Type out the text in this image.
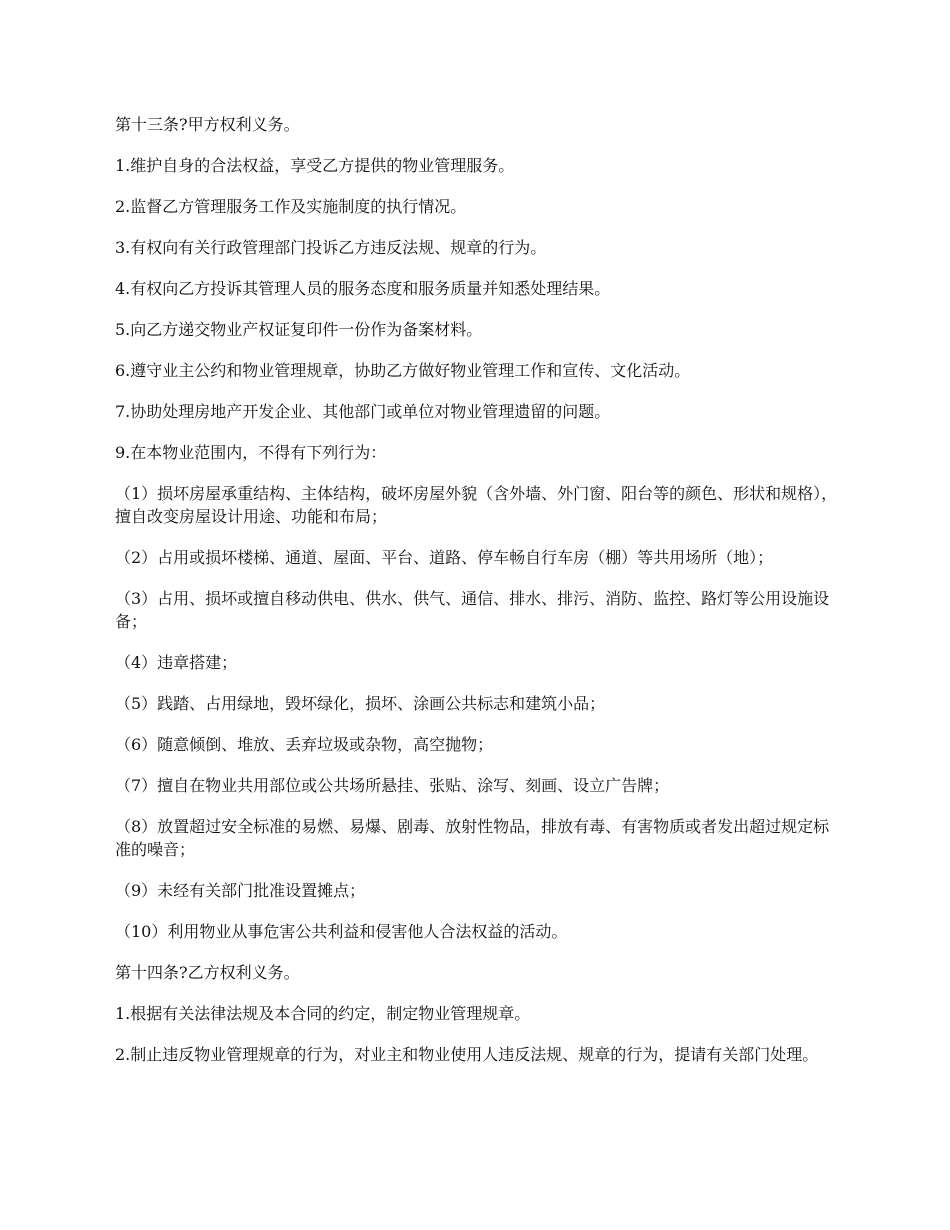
第十三条?甲方权利义务。

1.维护自身的合法权益，享受乙方提供的物业管理服务。

2.监督乙方管理服务工作及实施制度的执行情况。

3.有权向有关行政管理部门投诉乙方违反法规、规章的行为。

4.有权向乙方投诉其管理人员的服务态度和服务质量并知悉处理结果。

5.向乙方递交物业产权证复印件一份作为备案材料。

6.遵守业主公约和物业管理规章，协助乙方做好物业管理工作和宣传、文化活动。

7.协助处理房地产开发企业、其他部门或单位对物业管理遗留的问题。

9.在本物业范围内，不得有下列行为：

（1）损坏房屋承重结构、主体结构，破坏房屋外貌（含外墙、外门窗、阳台等的颜色、形状和规格），擅自改变房屋设计用途、功能和布局；

（2）占用或损坏楼梯、通道、屋面、平台、道路、停车畅自行车房（棚）等共用场所（地）；

（3）占用、损坏或擅自移动供电、供水、供气、通信、排水、排污、消防、监控、路灯等公用设施设备；

（4）违章搭建；

（5）践踏、占用绿地，毁坏绿化，损坏、涂画公共标志和建筑小品；

（6）随意倾倒、堆放、丢弃垃圾或杂物，高空抛物；

（7）擅自在物业共用部位或公共场所悬挂、张贴、涂写、刻画、设立广告牌；

（8）放置超过安全标准的易燃、易爆、剧毒、放射性物品，排放有毒、有害物质或者发出超过规定标准的噪音；

（9）未经有关部门批准设置摊点；

（10）利用物业从事危害公共利益和侵害他人合法权益的活动。

第十四条?乙方权利义务。

1.根据有关法律法规及本合同的约定，制定物业管理规章。

2.制止违反物业管理规章的行为，对业主和物业使用人违反法规、规章的行为，提请有关部门处理。
